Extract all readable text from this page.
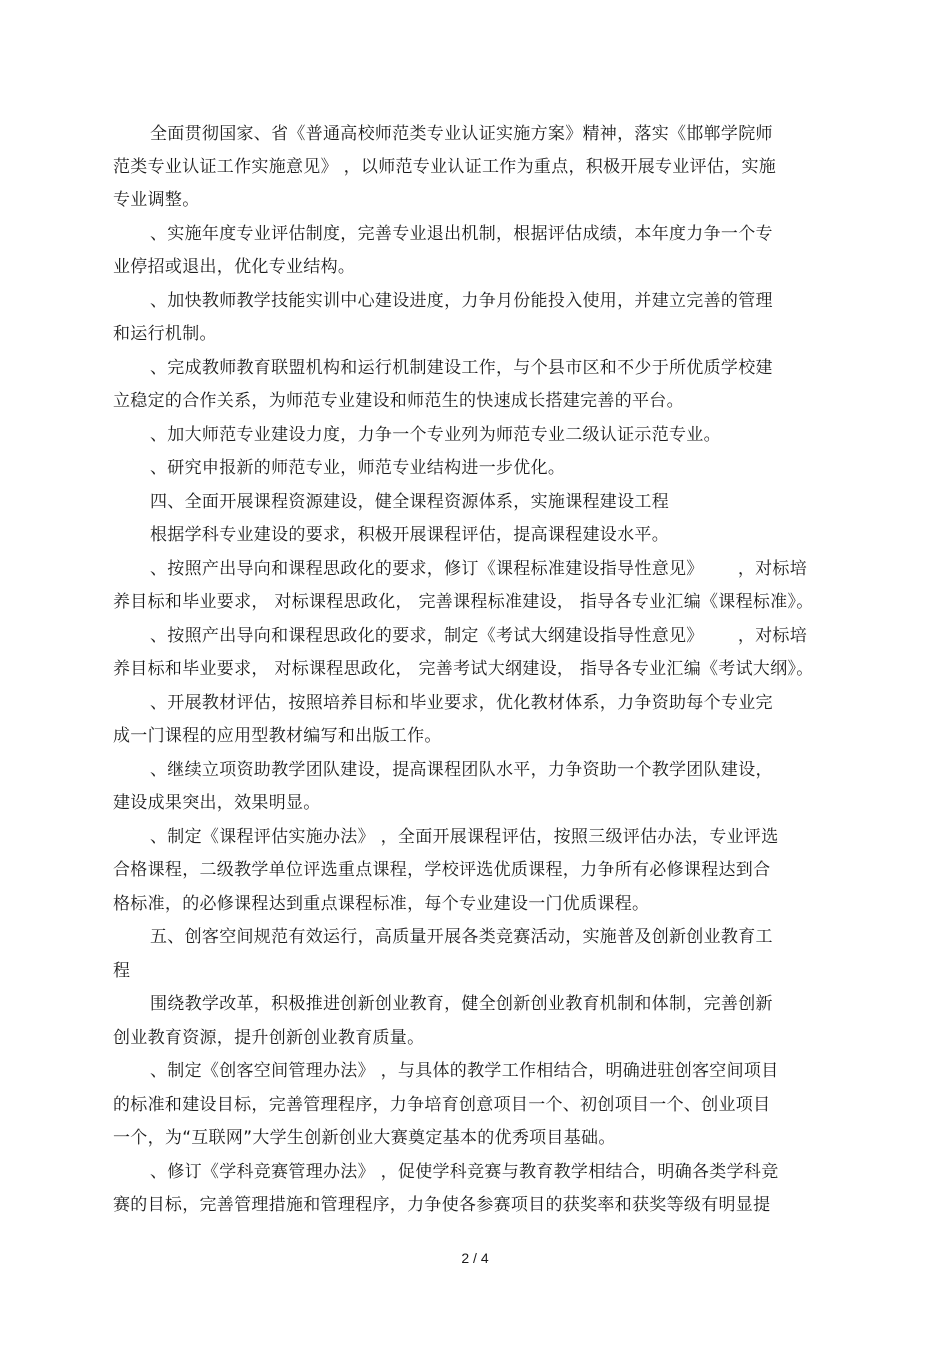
全面贯彻国家、省《普通高校师范类专业认证实施方案》精神，落实《邯郸学院师
范类专业认证工作实施意见》 ，以师范专业认证工作为重点，积极开展专业评估，实施
专业调整。
、实施年度专业评估制度，完善专业退出机制，根据评估成绩，本年度力争一个专
业停招或退出，优化专业结构。
、加快教师教学技能实训中心建设进度，力争月份能投入使用，并建立完善的管理
和运行机制。
、完成教师教育联盟机构和运行机制建设工作，与个县市区和不少于所优质学校建
立稳定的合作关系，为师范专业建设和师范生的快速成长搭建完善的平台。
、加大师范专业建设力度，力争一个专业列为师范专业二级认证示范专业。
、研究申报新的师范专业，师范专业结构进一步优化。
四、全面开展课程资源建设，健全课程资源体系，实施课程建设工程
根据学科专业建设的要求，积极开展课程评估，提高课程建设水平。
、按照产出导向和课程思政化的要求，修订《课程标准建设指导性意见》      ，对标培
养目标和毕业要求， 对标课程思政化， 完善课程标准建设， 指导各专业汇编《课程标准》。
、按照产出导向和课程思政化的要求，制定《考试大纲建设指导性意见》      ，对标培
养目标和毕业要求， 对标课程思政化， 完善考试大纲建设， 指导各专业汇编《考试大纲》。
、开展教材评估，按照培养目标和毕业要求，优化教材体系，力争资助每个专业完
成一门课程的应用型教材编写和出版工作。
、继续立项资助教学团队建设，提高课程团队水平，力争资助一个教学团队建设，
建设成果突出，效果明显。
、制定《课程评估实施办法》 ，全面开展课程评估，按照三级评估办法，专业评选
合格课程，二级教学单位评选重点课程，学校评选优质课程，力争所有必修课程达到合
格标准，的必修课程达到重点课程标准，每个专业建设一门优质课程。
五、创客空间规范有效运行，高质量开展各类竞赛活动，实施普及创新创业教育工
程
围绕教学改革，积极推进创新创业教育，健全创新创业教育机制和体制，完善创新
创业教育资源，提升创新创业教育质量。
、制定《创客空间管理办法》 ，与具体的教学工作相结合，明确进驻创客空间项目
的标准和建设目标，完善管理程序，力争培育创意项目一个、初创项目一个、创业项目
一个，为“互联网”大学生创新创业大赛奠定基本的优秀项目基础。
、修订《学科竞赛管理办法》 ，促使学科竞赛与教育教学相结合，明确各类学科竞
赛的目标，完善管理措施和管理程序，力争使各参赛项目的获奖率和获奖等级有明显提
2 / 4
